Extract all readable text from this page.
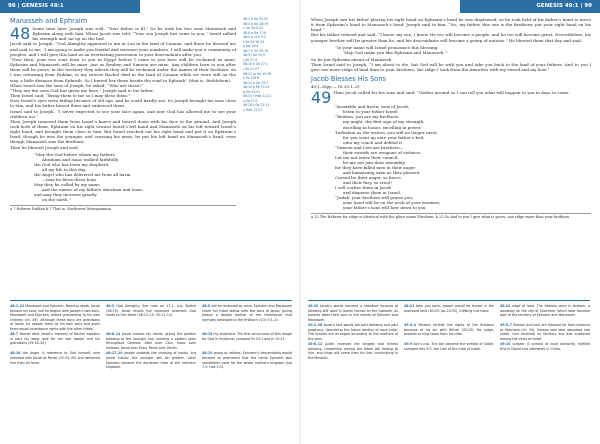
98 | GENESIS 48:1
Manasseh and Ephraim
48 Some time later Joseph was told, “Your father is ill.” So he took his two sons Manasseh and Ephraim along with him. When Jacob was told, “Your son Joseph has come to you,” Israel rallied his strength and sat up on the bed.

Jacob said to Joseph, “God Almighty appeared to me at Luz in the land of Canaan, and there he blessed me and said to me, ‘I am going to make you fruitful and increase your numbers. I will make you a community of peoples, and I will give this land as an everlasting possession to your descendants after you.’

“Now then, your two sons born to you in Egypt before I came to you here will be reckoned as mine; Ephraim and Manasseh will be mine, just as Reuben and Simeon are mine. Any children born to you after them will be yours; in the territory they inherit they will be reckoned under the names of their brothers. As I was returning from Paddan, to my sorrow Rachel died in the land of Canaan while we were still on the way, a little distance from Ephrath. So I buried her there beside the road to Ephrath” (that is, Bethlehem).

When Israel saw the sons of Joseph, he asked, “Who are these?”

“They are the sons God has given me here,” Joseph said to his father.

Then Israel said, “Bring them to me so I may bless them.”

Now Israel’s eyes were failing because of old age, and he could hardly see. So Joseph brought his sons close to him, and his father kissed them and embraced them.

Israel said to Joseph, “I never expected to see your face again, and now God has allowed me to see your children too.”

Then Joseph removed them from Israel’s knees and bowed down with his face to the ground. And Joseph took both of them, Ephraim on his right toward Israel’s left hand and Manasseh on his left toward Israel’s right hand, and brought them close to him. But Israel reached out his right hand and put it on Ephraim’s head, though he was the younger, and crossing his arms, he put his left hand on Manasseh’s head, even though Manasseh was the firstborn.

Then he blessed Joseph and said,

“May the God before whom my fathers
Abraham and Isaac walked faithfully,
the God who has been my shepherd
all my life to this day,
the Angel who has delivered me from all harm
—may he bless these boys.
May they be called by my name
and the names of my fathers Abraham and Isaac,
and may they increase greatly
on the earth.”
a 7 Hebrew Paddan b 7 That is, Northwest Mesopotamia
48:1 a Ge 41:51
48:3 b Ge 28:19
c Ge 35:9-12
48:4 d Ge 17:8
48:5 e 1Ch 5:1
f Ge 41:50-52
g Jos 14:4
48:7 h Ge 35:19
48:9 i Ge 33:5
j Ge 27:4
48:10 k Ge 27:1
l Ge 27:27
48:11 m Ge 45:26
n Ps 128:6
48:12 o Ge 33:7
48:14 p Mt 19:15
q Ge 41:51
48:15 r Heb 11:21
s Ge 17:1
48:16 t Ge 22:11
u Heb 11:21
48:1–22 Manasseh and Ephraim. Nearing death, Jacob blesses his sons, but he begins with Joseph’s two sons, Manasseh and Ephraim, before proceeding to his own children (ch. 49). Although these boys are grandsons of Jacob, he adopts them as his own sons and gives them equal inheritance rights with the other tribes.
48:3 God Almighty. See note on 17:1. Luz. Bethel (28:19). Jacob recalls the covenant promises God made to him there (28:13–15; 35:11–12).
48:5 will be reckoned as mine. Ephraim and Manasseh share full tribal status with the sons of Jacob, giving Joseph a double portion of the inheritance that normally belonged to the firstborn (1Ch 5:1–2).
48:7 Rachel died. Jacob’s memory of Rachel explains in part his deep love for her son Joseph and his grandsons (35:16–20).
48:8–14 Jacob crosses his hands, giving the greater blessing to the younger son, echoing a pattern seen throughout Genesis: Abel over Cain, Isaac over Ishmael, Jacob over Esau, Perez over Zerah.
48:15 my shepherd. The first occurrence of this image for God in Scripture; compare Ps 23:1 and Jn 10:11.
48:16 the Angel. A reference to God himself, who wrestled with Jacob at Peniel (32:24–30) and delivered him from all harm.
48:17–20 Joseph protests the crossing of hands, but Jacob insists: the younger will be greater. Later Ephraim became the dominant tribe of the northern kingdom.
48:19 group of nations. Ephraim’s descendants would become so prominent that the name Ephraim was sometimes used for the whole northern kingdom (Isa 7:2; Hos 5:3).
GENESIS 49:1 | 99

When Joseph saw his father placing his right hand on Ephraim’s head he was displeased; so he took hold of his father’s hand to move it from Ephraim’s head to Manasseh’s head. Joseph said to him, “No, my father, this one is the firstborn; put your right hand on his head.”

But his father refused and said, “I know, my son, I know. He too will become a people, and he too will become great. Nevertheless, his younger brother will be greater than he, and his descendants will become a group of nations.” He blessed them that day and said,

“In your name will Israel pronounce this blessing:
‘May God make you like Ephraim and Manasseh.’”

So he put Ephraim ahead of Manasseh.

Then Israel said to Joseph, “I am about to die, but God will be with you and take you back to the land of your fathers. And to you I give one more ridge of land than to your brothers, the ridge I took from the Amorites with my sword and my bow.”

Jacob Blesses His Sons
49:1–28pp — Dt 33:1–29
49 Then Jacob called for his sons and said: “Gather around so I can tell you what will happen to you in days to come.

“Assemble and listen, sons of Jacob;
listen to your father Israel.
“Reuben, you are my firstborn,
my might, the first sign of my strength,
excelling in honor, excelling in power.
Turbulent as the waters, you will no longer excel,
for you went up onto your father’s bed,
onto my couch and defiled it.
“Simeon and Levi are brothers—
their swords are weapons of violence.
Let me not enter their council,
let me not join their assembly,
for they have killed men in their anger
and hamstrung oxen as they pleased.
Cursed be their anger, so fierce,
and their fury, so cruel!
I will scatter them in Jacob
and disperse them in Israel.
“Judah, your brothers will praise you;
your hand will be on the neck of your enemies;
your father’s sons will bow down to you.
a 22 The Hebrew for ridge is identical with the place name Shechem. b 22 Or And to you I give what is yours, one ridge more than your brothers.
48:20 Jacob’s words became a standard formula of blessing still used in Jewish homes on the Sabbath, as parents bless their sons in the names of Ephraim and Manasseh.
48:21 take you back. Joseph would be buried in the promised land (50:25; Jos 24:32), fulfilling this hope.
48:22 ridge of land. The Hebrew word is shekem, a wordplay on the city of Shechem, which later became part of the territory of Ephraim and Manasseh.
49:1–28 Jacob’s last words are part blessing and part prophecy, describing the future destiny of each tribe. The oracles are arranged according to the mothers of the sons.
49:3–4 Reuben forfeits the rights of the firstborn because of his sin with Bilhah (35:22). No judge, prophet or king came from his tribe.
49:5–7 Simeon and Levi are rebuked for their violence at Shechem (ch. 34). Simeon was later absorbed into Judah; Levi received no territory but was scattered among the cities of Israel.
49:8–12 Judah receives the longest and richest blessing. Leadership among the tribes will belong to him, and kings will come from his line, culminating in the Messiah.
49:9 lion’s cub. The lion became the symbol of Judah; compare Rev 5:5, the Lion of the tribe of Judah.
49:10 scepter. A symbol of royal authority, fulfilled first in David and ultimately in Christ.
